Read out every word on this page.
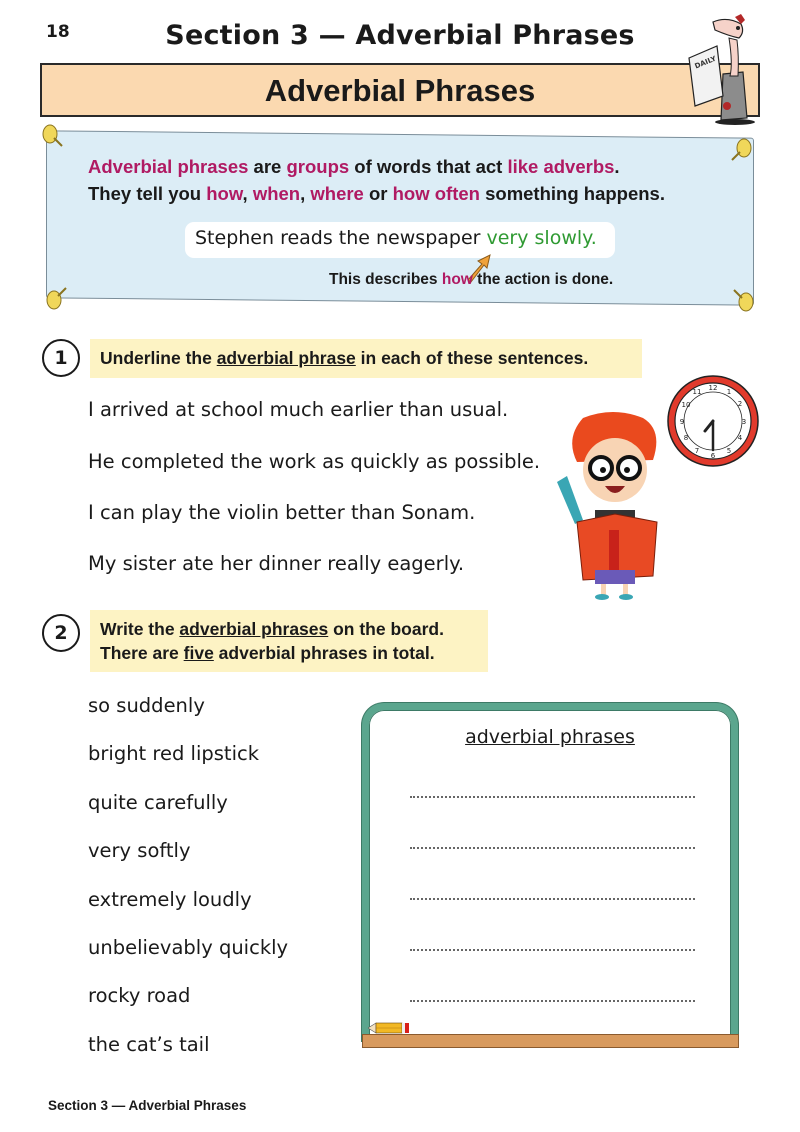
18	Section 3 — Adverbial Phrases
Adverbial Phrases
DAILY
Adverbial phrases are groups of words that act like adverbs.
They tell you how, when, where or how often something happens.
Stephen reads the newspaper very slowly.
This describes how the action is done.
1	Underline the adverbial phrase in each of these sentences.
I arrived at school much earlier than usual.
He completed the work as quickly as possible.
I can play the violin better than Sonam.
My sister ate her dinner really eagerly.
12 1
2
3
4
5
6
7
8
9
10
11
2	Write the adverbial phrases on the board.
There are five adverbial phrases in total.
so suddenly
bright red lipstick
quite carefully
very softly
extremely loudly
unbelievably quickly
rocky road
the cat’s tail
adverbial phrases
Section 3 — Adverbial Phrases
